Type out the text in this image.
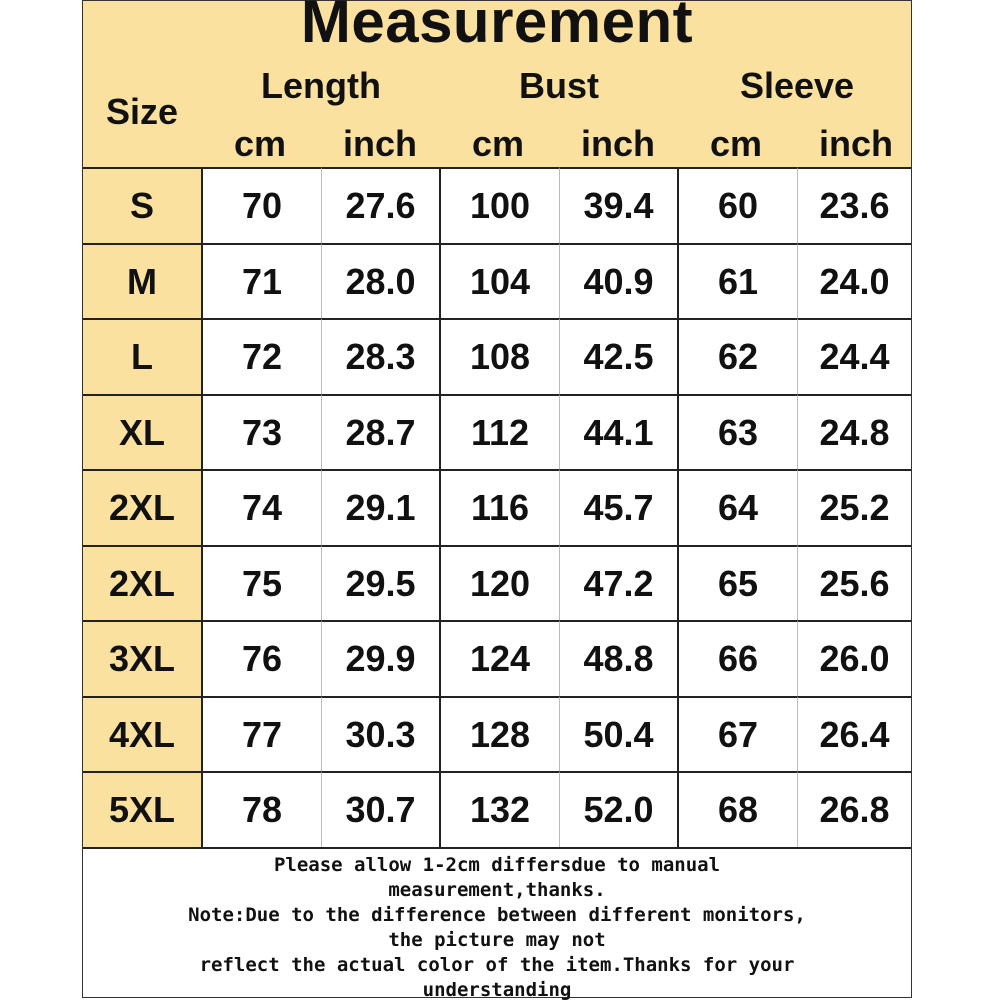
Measurement
Size
Length	Bust	Sleeve
cm	inch	cm	inch	cm	inch
S	70	27.6	100	39.4	60	23.6
M	71	28.0	104	40.9	61	24.0
L	72	28.3	108	42.5	62	24.4
XL	73	28.7	112	44.1	63	24.8
2XL	74	29.1	116	45.7	64	25.2
2XL	75	29.5	120	47.2	65	25.6
3XL	76	29.9	124	48.8	66	26.0
4XL	77	30.3	128	50.4	67	26.4
5XL	78	30.7	132	52.0	68	26.8
Please allow 1-2cm differsdue to manual
measurement,thanks.
Note:Due to the difference between different monitors,
the picture may not
reflect the actual color of the item.Thanks for your
understanding
